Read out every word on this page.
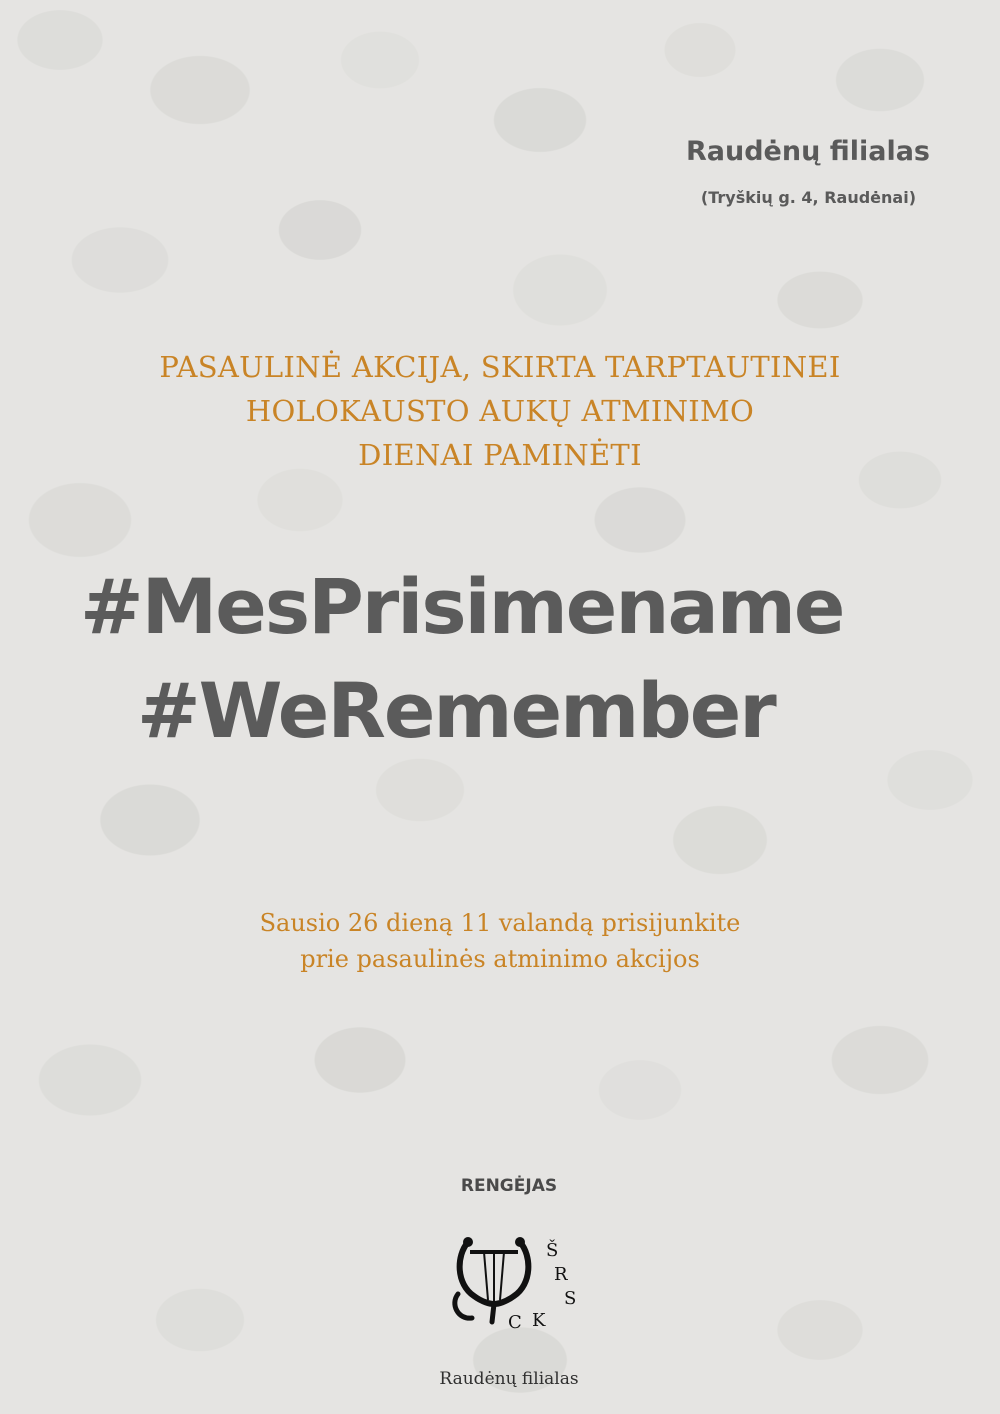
Raudėnų filialas
(Tryškių g. 4, Raudėnai)
PASAULINĖ AKCIJA, SKIRTA TARPTAUTINEI
HOLOKAUSTO AUKŲ ATMINIMO
DIENAI PAMINĖTI
#MesPrisimename
#WeRemember
Sausio 26 dieną 11 valandą prisijunkite
prie pasaulinės atminimo akcijos
RENGĖJAS
Š
R
S
K
C
Raudėnų filialas
